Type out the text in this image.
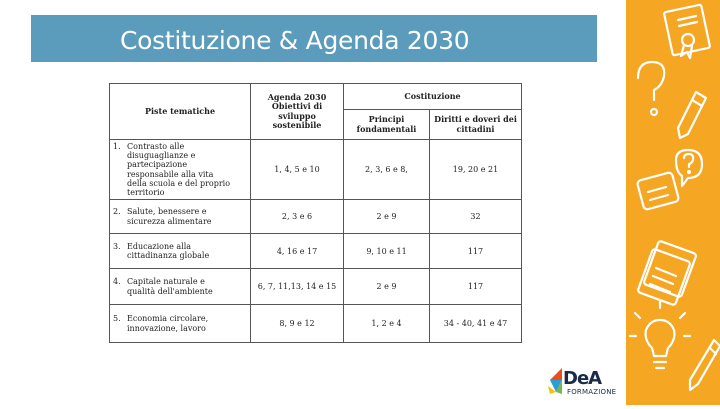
Costituzione & Agenda 2030
Piste tematiche	Agenda 2030 Obiettivi di sviluppo sostenibile	Costituzione	
		Principi fondamentali	Diritti e doveri dei cittadini
1. Contrasto alle disuguaglianze e partecipazione responsabile alla vita della scuola e del proprio territorio	1, 4, 5 e 10	2, 3, 6 e 8,	19, 20 e 21
2. Salute, benessere e sicurezza alimentare	2, 3 e 6	2 e 9	32
3. Educazione alla cittadinanza globale	4, 16 e 17	9, 10 e 11	117
4. Capitale naturale e qualità dell'ambiente	6, 7, 11,13, 14 e 15	2 e 9	117
5. Economia circolare, innovazione, lavoro	8, 9 e 12	1, 2 e 4	34 - 40, 41 e 47
DeA
FORMAZIONE
